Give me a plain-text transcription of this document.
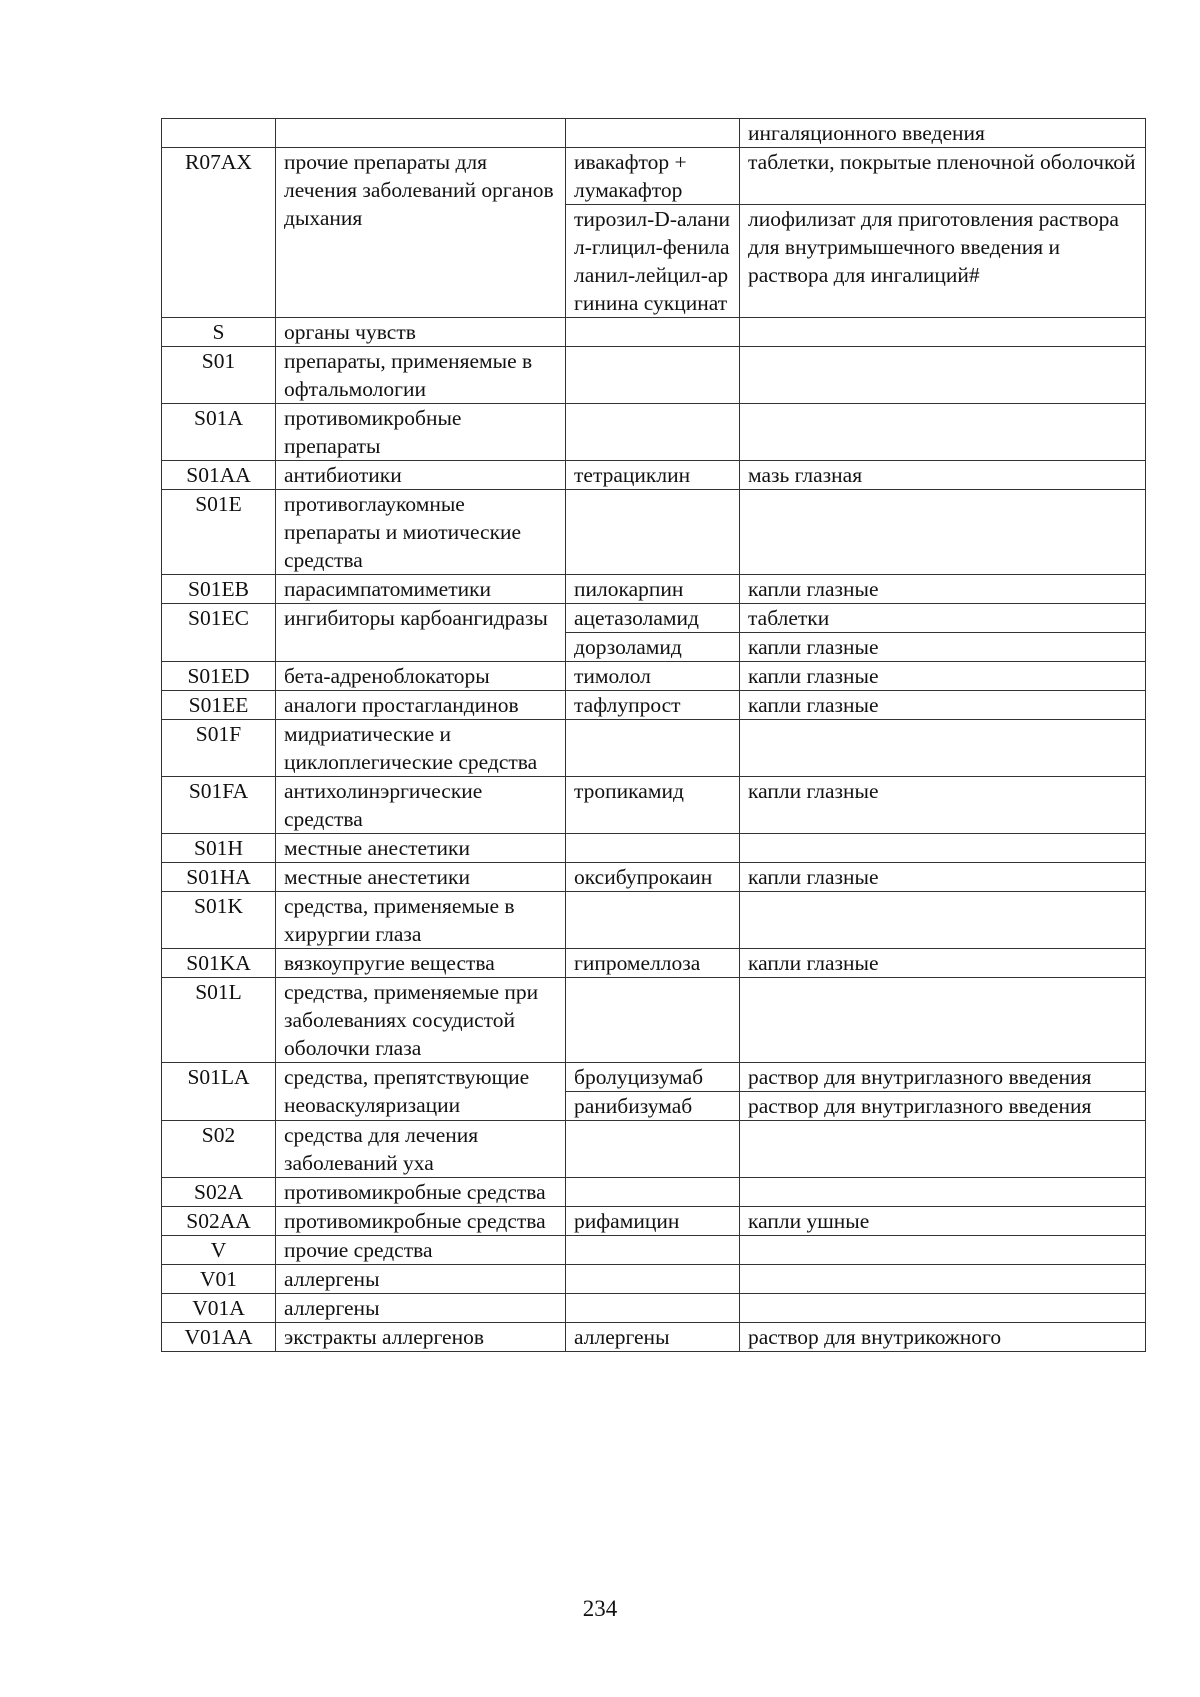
			ингаляционного введения
R07AX	прочие препараты для лечения заболеваний органов дыхания	ивакафтор + лумакафтор	таблетки, покрытые пленочной оболочкой
		тирозил-D-аланил-глицил-фенилаланил-лейцил-аргинина сукцинат	лиофилизат для приготовления раствора для внутримышечного введения и раствора для ингалиций#
S	органы чувств		
S01	препараты, применяемые в офтальмологии		
S01A	противомикробные препараты		
S01AA	антибиотики	тетрациклин	мазь глазная
S01E	противоглаукомные препараты и миотические средства		
S01EB	парасимпатомиметики	пилокарпин	капли глазные
S01EC	ингибиторы карбоангидразы	ацетазоламид	таблетки
		дорзоламид	капли глазные
S01ED	бета-адреноблокаторы	тимолол	капли глазные
S01EE	аналоги простагландинов	тафлупрост	капли глазные
S01F	мидриатические и циклоплегические средства		
S01FA	антихолинэргические средства	тропикамид	капли глазные
S01H	местные анестетики		
S01HA	местные анестетики	оксибупрокаин	капли глазные
S01K	средства, применяемые в хирургии глаза		
S01KA	вязкоупругие вещества	гипромеллоза	капли глазные
S01L	средства, применяемые при заболеваниях сосудистой оболочки глаза		
S01LA	средства, препятствующие неоваскуляризации	бролуцизумаб	раствор для внутриглазного введения
		ранибизумаб	раствор для внутриглазного введения
S02	средства для лечения заболеваний уха		
S02A	противомикробные средства		
S02AA	противомикробные средства	рифамицин	капли ушные
V	прочие средства		
V01	аллергены		
V01A	аллергены		
V01AA	экстракты аллергенов	аллергены	раствор для внутрикожного
234
